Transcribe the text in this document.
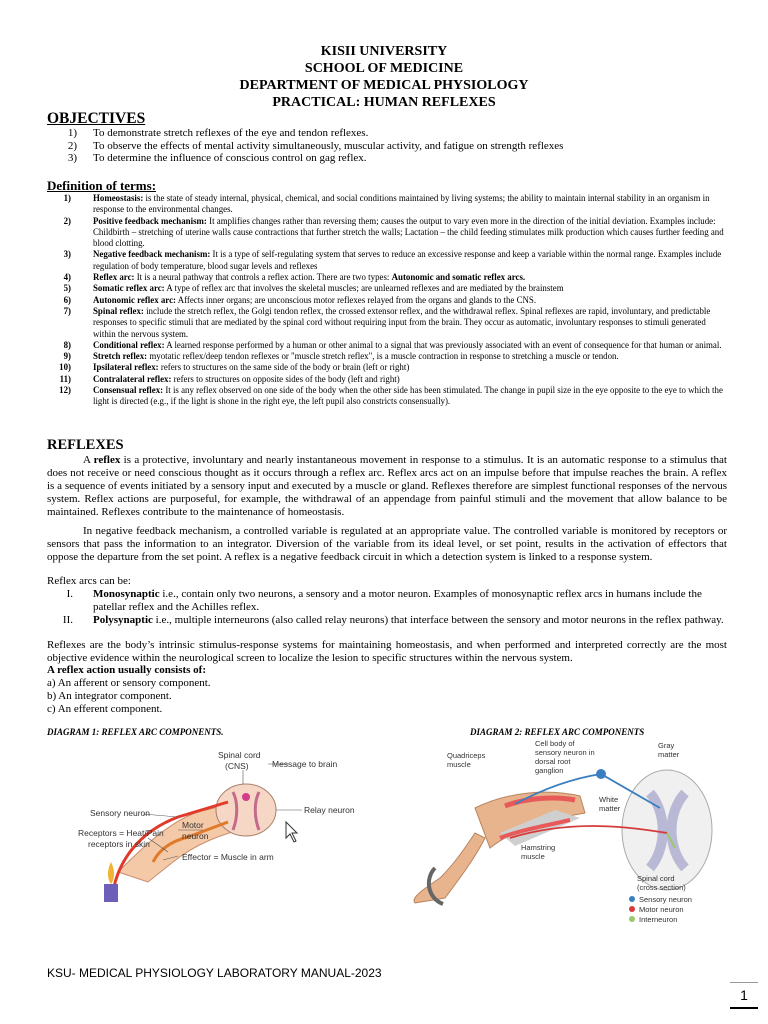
KISII UNIVERSITY
SCHOOL OF MEDICINE
DEPARTMENT OF MEDICAL PHYSIOLOGY
PRACTICAL: HUMAN REFLEXES
OBJECTIVES
1)	To demonstrate stretch reflexes of the eye and tendon reflexes.
2)	To observe the effects of mental activity simultaneously, muscular activity, and fatigue on strength reflexes
3)	To determine the influence of conscious control on gag reflex.
Definition of terms:
1) Homeostasis: is the state of steady internal, physical, chemical, and social conditions maintained by living systems; the ability to maintain internal stability in an organism in response to the environmental changes.
2) Positive feedback mechanism: It amplifies changes rather than reversing them; causes the output to vary even more in the direction of the initial deviation. Examples include: Childbirth – stretching of uterine walls cause contractions that further stretch the walls; Lactation – the child feeding stimulates milk production which causes further feeding and blood clotting.
3) Negative feedback mechanism: It is a type of self-regulating system that serves to reduce an excessive response and keep a variable within the normal range. Examples include regulation of body temperature, blood sugar levels and reflexes
4) Reflex arc: It is a neural pathway that controls a reflex action. There are two types: Autonomic and somatic reflex arcs.
5) Somatic reflex arc: A type of reflex arc that involves the skeletal muscles; are unlearned reflexes and are mediated by the brainstem
6) Autonomic reflex arc: Affects inner organs; are unconscious motor reflexes relayed from the organs and glands to the CNS.
7) Spinal reflex: include the stretch reflex, the Golgi tendon reflex, the crossed extensor reflex, and the withdrawal reflex. Spinal reflexes are rapid, involuntary, and predictable responses to specific stimuli that are mediated by the spinal cord without requiring input from the brain. They occur as automatic, involuntary responses to stimuli generated within the nervous system.
8) Conditional reflex: A learned response performed by a human or other animal to a signal that was previously associated with an event of consequence for that human or animal.
9) Stretch reflex: myotatic reflex/deep tendon reflexes or "muscle stretch reflex", is a muscle contraction in response to stretching a muscle or tendon.
10) Ipsilateral reflex: refers to structures on the same side of the body or brain (left or right)
11) Contralateral reflex: refers to structures on opposite sides of the body (left and right)
12) Consensual reflex: It is any reflex observed on one side of the body when the other side has been stimulated. The change in pupil size in the eye opposite to the eye to which the light is directed (e.g., if the light is shone in the right eye, the left pupil also constricts consensually).
REFLEXES
A reflex is a protective, involuntary and nearly instantaneous movement in response to a stimulus. It is an automatic response to a stimulus that does not receive or need conscious thought as it occurs through a reflex arc. Reflex arcs act on an impulse before that impulse reaches the brain. A reflex is a sequence of events initiated by a sensory input and executed by a muscle or gland. Reflexes therefore are simplest functional responses of the nervous system. Reflex actions are purposeful, for example, the withdrawal of an appendage from painful stimuli and the movement that allow balance to be maintained. Reflexes contribute to the maintenance of homeostasis.
In negative feedback mechanism, a controlled variable is regulated at an appropriate value. The controlled variable is monitored by receptors or sensors that pass the information to an integrator. Diversion of the variable from its ideal level, or set point, results in the activation of effectors that oppose the departure from the set point. A reflex is a negative feedback circuit in which a detection system is linked to a response system.
Reflex arcs can be:
I. Monosynaptic i.e., contain only two neurons, a sensory and a motor neuron. Examples of monosynaptic reflex arcs in humans include the patellar reflex and the Achilles reflex.
II. Polysynaptic i.e., multiple interneurons (also called relay neurons) that interface between the sensory and motor neurons in the reflex pathway.
Reflexes are the body’s intrinsic stimulus-response systems for maintaining homeostasis, and when performed and interpreted correctly are the most objective evidence within the neurological screen to localize the lesion to specific structures within the nervous system.
A reflex action usually consists of:
a) An afferent or sensory component.
b) An integrator component.
c) An efferent component.
DIAGRAM 1: REFLEX ARC COMPONENTS.	DIAGRAM 2: REFLEX ARC COMPONENTS
Spinal cord
(CNS)	Message to brain
Sensory neuron	Relay neuron
Receptors = Heat/Pain
receptors in skin
Motor
neuron
Effector = Muscle in arm
Quadriceps
muscle
Cell body of
sensory neuron in
dorsal root
ganglion
Gray
matter
White
matter
Hamstring
muscle
Spinal cord
(cross section)
Sensory neuron
Motor neuron
Interneuron
KSU- MEDICAL PHYSIOLOGY LABORATORY MANUAL-2023
1
